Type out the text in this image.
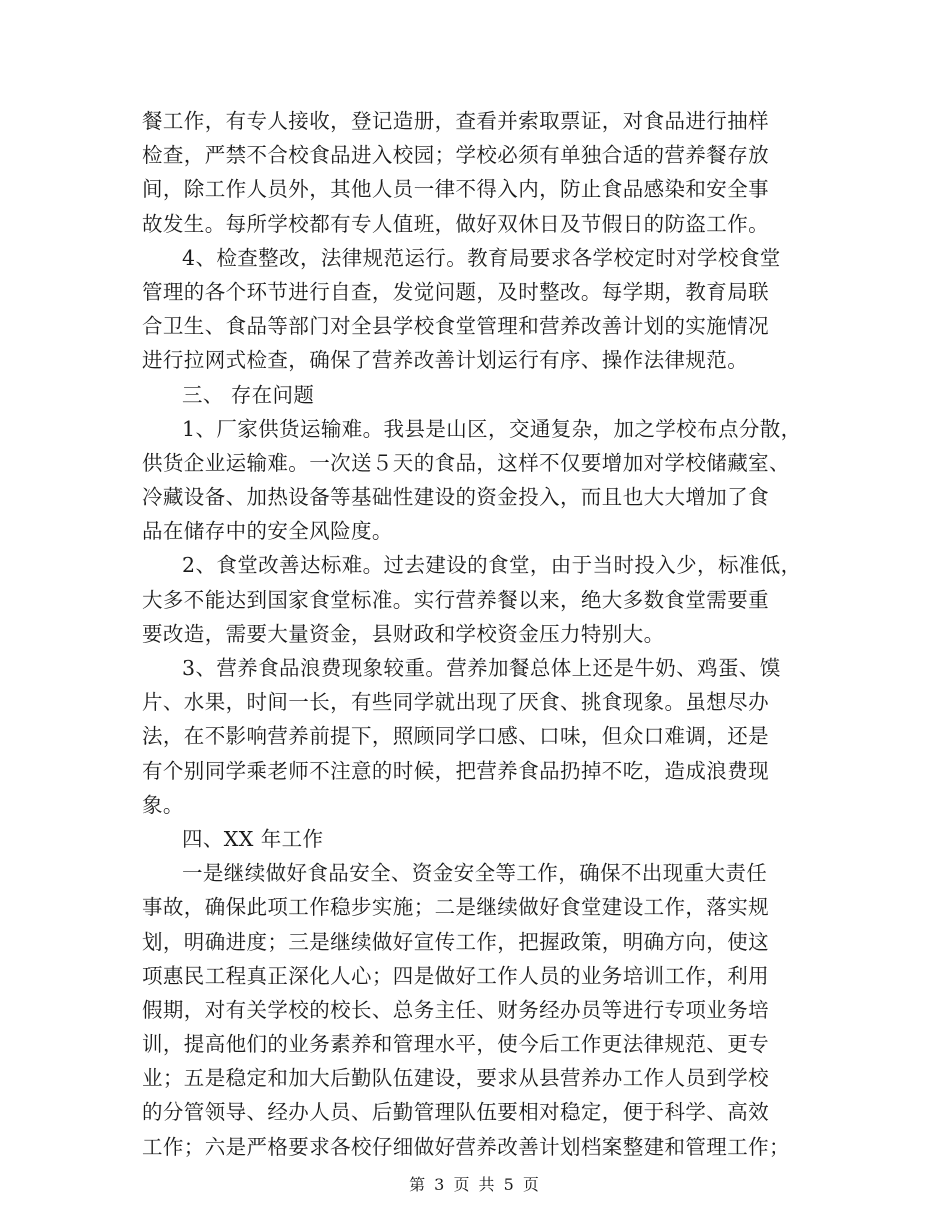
餐工作，有专人接收，登记造册，查看并索取票证，对食品进行抽样
检查，严禁不合校食品进入校园；学校必须有单独合适的营养餐存放
间，除工作人员外，其他人员一律不得入内，防止食品感染和安全事
故发生。每所学校都有专人值班，做好双休日及节假日的防盗工作。
4、检查整改，法律规范运行。教育局要求各学校定时对学校食堂
管理的各个环节进行自查，发觉问题，及时整改。每学期，教育局联
合卫生、食品等部门对全县学校食堂管理和营养改善计划的实施情况
进行拉网式检查，确保了营养改善计划运行有序、操作法律规范。
三、 存在问题
1、厂家供货运输难。我县是山区，交通复杂，加之学校布点分散，
供货企业运输难。一次送５天的食品，这样不仅要增加对学校储藏室、
冷藏设备、加热设备等基础性建设的资金投入，而且也大大增加了食
品在储存中的安全风险度。
2、食堂改善达标难。过去建设的食堂，由于当时投入少，标准低，
大多不能达到国家食堂标准。实行营养餐以来，绝大多数食堂需要重
要改造，需要大量资金，县财政和学校资金压力特别大。
3、营养食品浪费现象较重。营养加餐总体上还是牛奶、鸡蛋、馍
片、水果，时间一长，有些同学就出现了厌食、挑食现象。虽想尽办
法，在不影响营养前提下，照顾同学口感、口味，但众口难调，还是
有个别同学乘老师不注意的时候，把营养食品扔掉不吃，造成浪费现
象。
四、XX 年工作
一是继续做好食品安全、资金安全等工作，确保不出现重大责任
事故，确保此项工作稳步实施；二是继续做好食堂建设工作，落实规
划，明确进度；三是继续做好宣传工作，把握政策，明确方向，使这
项惠民工程真正深化人心；四是做好工作人员的业务培训工作，利用
假期，对有关学校的校长、总务主任、财务经办员等进行专项业务培
训，提高他们的业务素养和管理水平，使今后工作更法律规范、更专
业；五是稳定和加大后勤队伍建设，要求从县营养办工作人员到学校
的分管领导、经办人员、后勤管理队伍要相对稳定，便于科学、高效
工作；六是严格要求各校仔细做好营养改善计划档案整建和管理工作；
第 3 页 共 5 页
